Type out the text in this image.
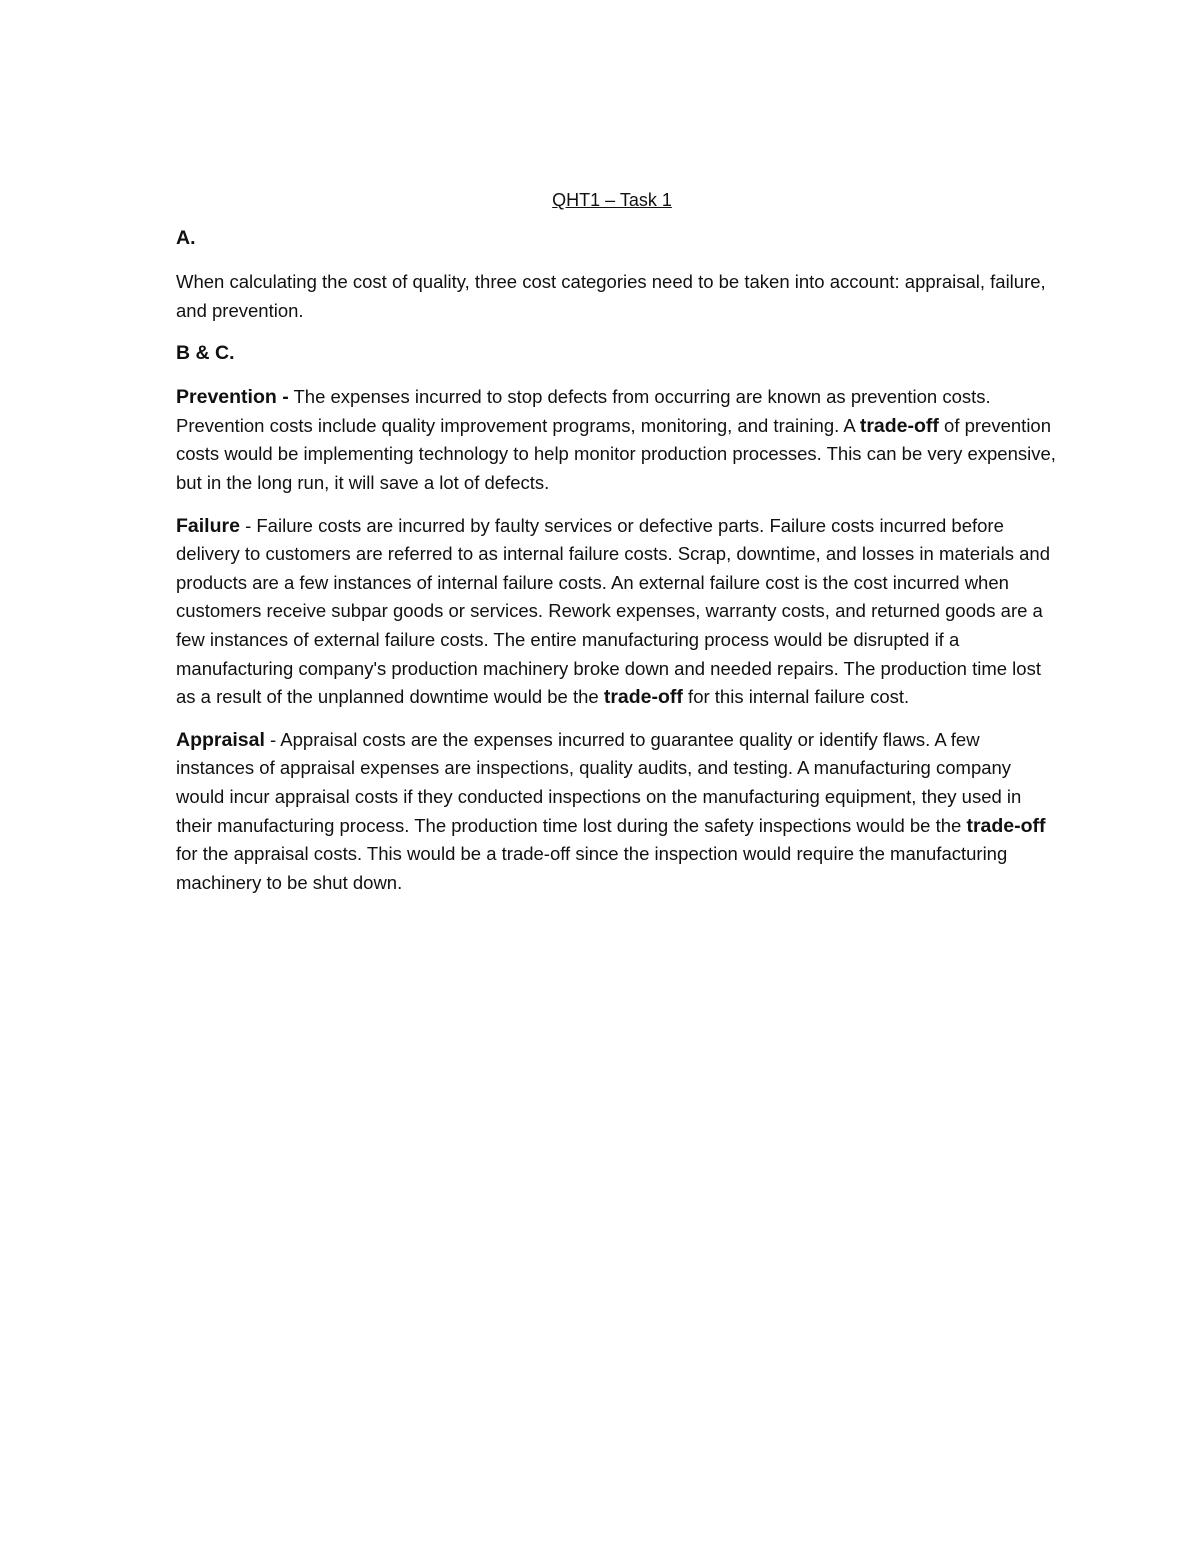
QHT1 – Task 1

A.

When calculating the cost of quality, three cost categories need to be taken into account: appraisal, failure, and prevention.

B & C.

Prevention - The expenses incurred to stop defects from occurring are known as prevention costs. Prevention costs include quality improvement programs, monitoring, and training. A trade-off of prevention costs would be implementing technology to help monitor production processes. This can be very expensive, but in the long run, it will save a lot of defects.

Failure - Failure costs are incurred by faulty services or defective parts. Failure costs incurred before delivery to customers are referred to as internal failure costs. Scrap, downtime, and losses in materials and products are a few instances of internal failure costs. An external failure cost is the cost incurred when customers receive subpar goods or services. Rework expenses, warranty costs, and returned goods are a few instances of external failure costs. The entire manufacturing process would be disrupted if a manufacturing company's production machinery broke down and needed repairs. The production time lost as a result of the unplanned downtime would be the trade-off for this internal failure cost.

Appraisal - Appraisal costs are the expenses incurred to guarantee quality or identify flaws. A few instances of appraisal expenses are inspections, quality audits, and testing. A manufacturing company would incur appraisal costs if they conducted inspections on the manufacturing equipment, they used in their manufacturing process. The production time lost during the safety inspections would be the trade-off for the appraisal costs. This would be a trade-off since the inspection would require the manufacturing machinery to be shut down.
